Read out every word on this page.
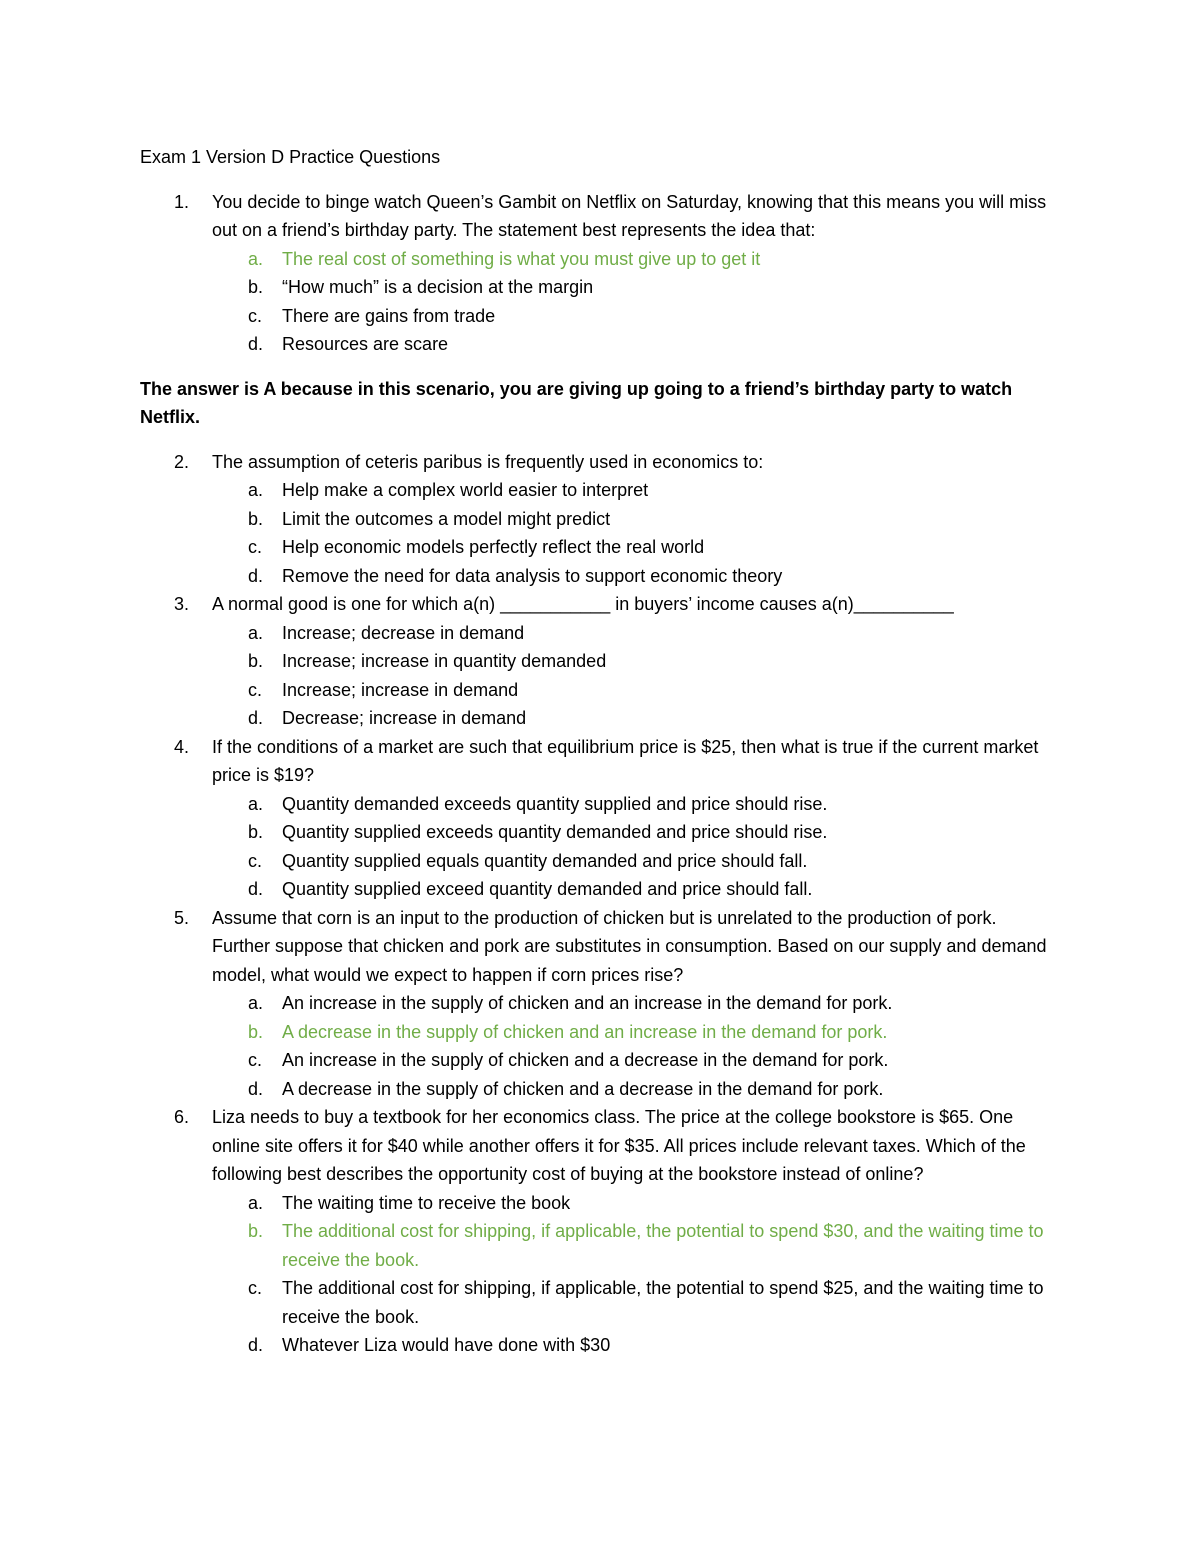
Exam 1 Version D Practice Questions
1. You decide to binge watch Queen’s Gambit on Netflix on Saturday, knowing that this means you will miss out on a friend’s birthday party. The statement best represents the idea that:
a. The real cost of something is what you must give up to get it
b. “How much” is a decision at the margin
c. There are gains from trade
d. Resources are scare
The answer is A because in this scenario, you are giving up going to a friend’s birthday party to watch Netflix.
2. The assumption of ceteris paribus is frequently used in economics to:
a. Help make a complex world easier to interpret
b. Limit the outcomes a model might predict
c. Help economic models perfectly reflect the real world
d. Remove the need for data analysis to support economic theory
3. A normal good is one for which a(n) ___________ in buyers’ income causes a(n)__________
a. Increase; decrease in demand
b. Increase; increase in quantity demanded
c. Increase; increase in demand
d. Decrease; increase in demand
4. If the conditions of a market are such that equilibrium price is $25, then what is true if the current market price is $19?
a. Quantity demanded exceeds quantity supplied and price should rise.
b. Quantity supplied exceeds quantity demanded and price should rise.
c. Quantity supplied equals quantity demanded and price should fall.
d. Quantity supplied exceed quantity demanded and price should fall.
5. Assume that corn is an input to the production of chicken but is unrelated to the production of pork. Further suppose that chicken and pork are substitutes in consumption. Based on our supply and demand model, what would we expect to happen if corn prices rise?
a. An increase in the supply of chicken and an increase in the demand for pork.
b. A decrease in the supply of chicken and an increase in the demand for pork.
c. An increase in the supply of chicken and a decrease in the demand for pork.
d. A decrease in the supply of chicken and a decrease in the demand for pork.
6. Liza needs to buy a textbook for her economics class. The price at the college bookstore is $65. One online site offers it for $40 while another offers it for $35. All prices include relevant taxes. Which of the following best describes the opportunity cost of buying at the bookstore instead of online?
a. The waiting time to receive the book
b. The additional cost for shipping, if applicable, the potential to spend $30, and the waiting time to receive the book.
c. The additional cost for shipping, if applicable, the potential to spend $25, and the waiting time to receive the book.
d. Whatever Liza would have done with $30
